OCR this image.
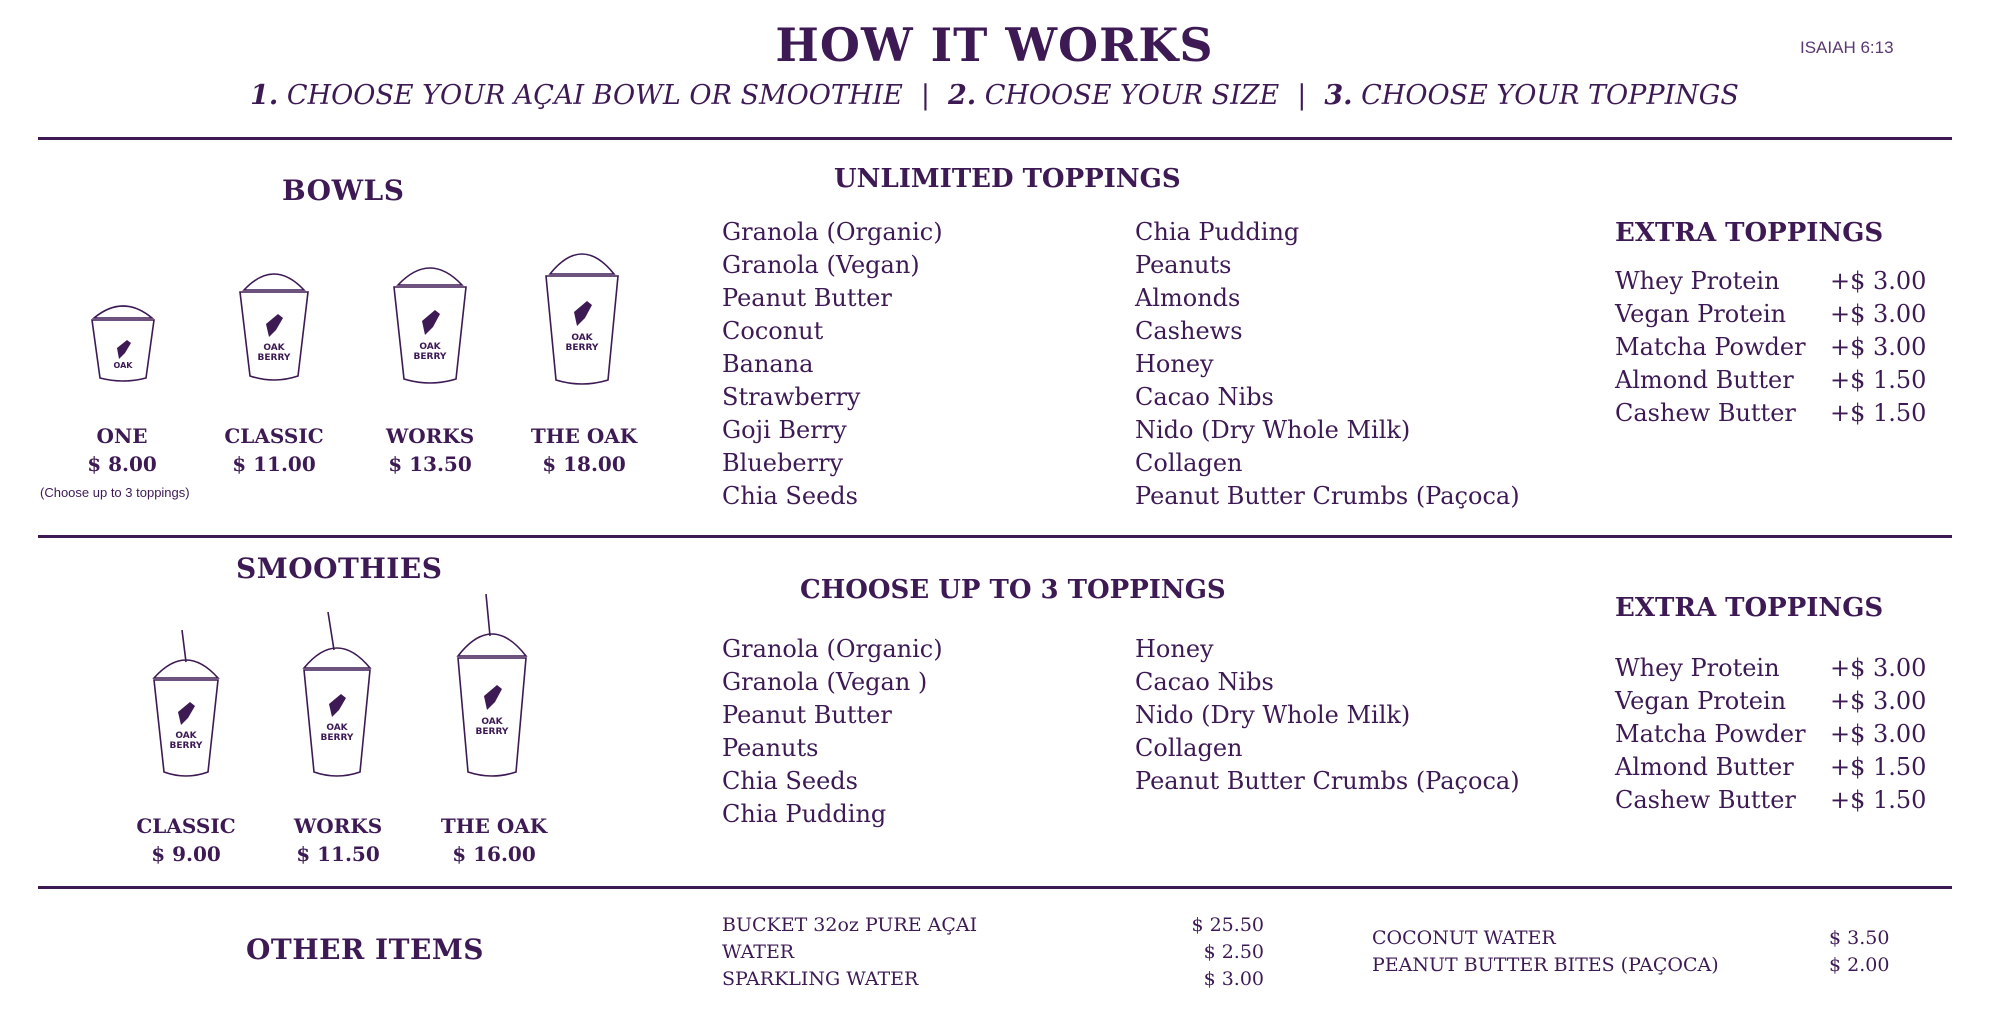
HOW IT WORKS	ISAIAH 6:13
1. CHOOSE YOUR AÇAI BOWL OR SMOOTHIE | 2. CHOOSE YOUR SIZE | 3. CHOOSE YOUR TOPPINGS
BOWLS
OAK
OAK
BERRY
OAK
BERRY
OAK
BERRY
ONE
$ 8.00
(Choose up to 3 toppings)
CLASSIC
$ 11.00
WORKS
$ 13.50
THE OAK
$ 18.00
UNLIMITED TOPPINGS
Granola (Organic)
Granola (Vegan)
Peanut Butter
Coconut
Banana
Strawberry
Goji Berry
Blueberry
Chia Seeds
Chia Pudding
Peanuts
Almonds
Cashews
Honey
Cacao Nibs
Nido (Dry Whole Milk)
Collagen
Peanut Butter Crumbs (Paçoca)
EXTRA TOPPINGS
Whey Protein	+$ 3.00
Vegan Protein	+$ 3.00
Matcha Powder	+$ 3.00
Almond Butter	+$ 1.50
Cashew Butter	+$ 1.50
SMOOTHIES
OAK
BERRY
OAK
BERRY
OAK
BERRY
CLASSIC
$ 9.00
WORKS
$ 11.50
THE OAK
$ 16.00
CHOOSE UP TO 3 TOPPINGS
Granola (Organic)
Granola (Vegan )
Peanut Butter
Peanuts
Chia Seeds
Chia Pudding
Honey
Cacao Nibs
Nido (Dry Whole Milk)
Collagen
Peanut Butter Crumbs (Paçoca)
EXTRA TOPPINGS
Whey Protein	+$ 3.00
Vegan Protein	+$ 3.00
Matcha Powder	+$ 3.00
Almond Butter	+$ 1.50
Cashew Butter	+$ 1.50
OTHER ITEMS
BUCKET 32oz PURE AÇAI	$ 25.50
WATER	$ 2.50
SPARKLING WATER	$ 3.00
COCONUT WATER	$ 3.50
PEANUT BUTTER BITES (PAÇOCA)	$ 2.00
